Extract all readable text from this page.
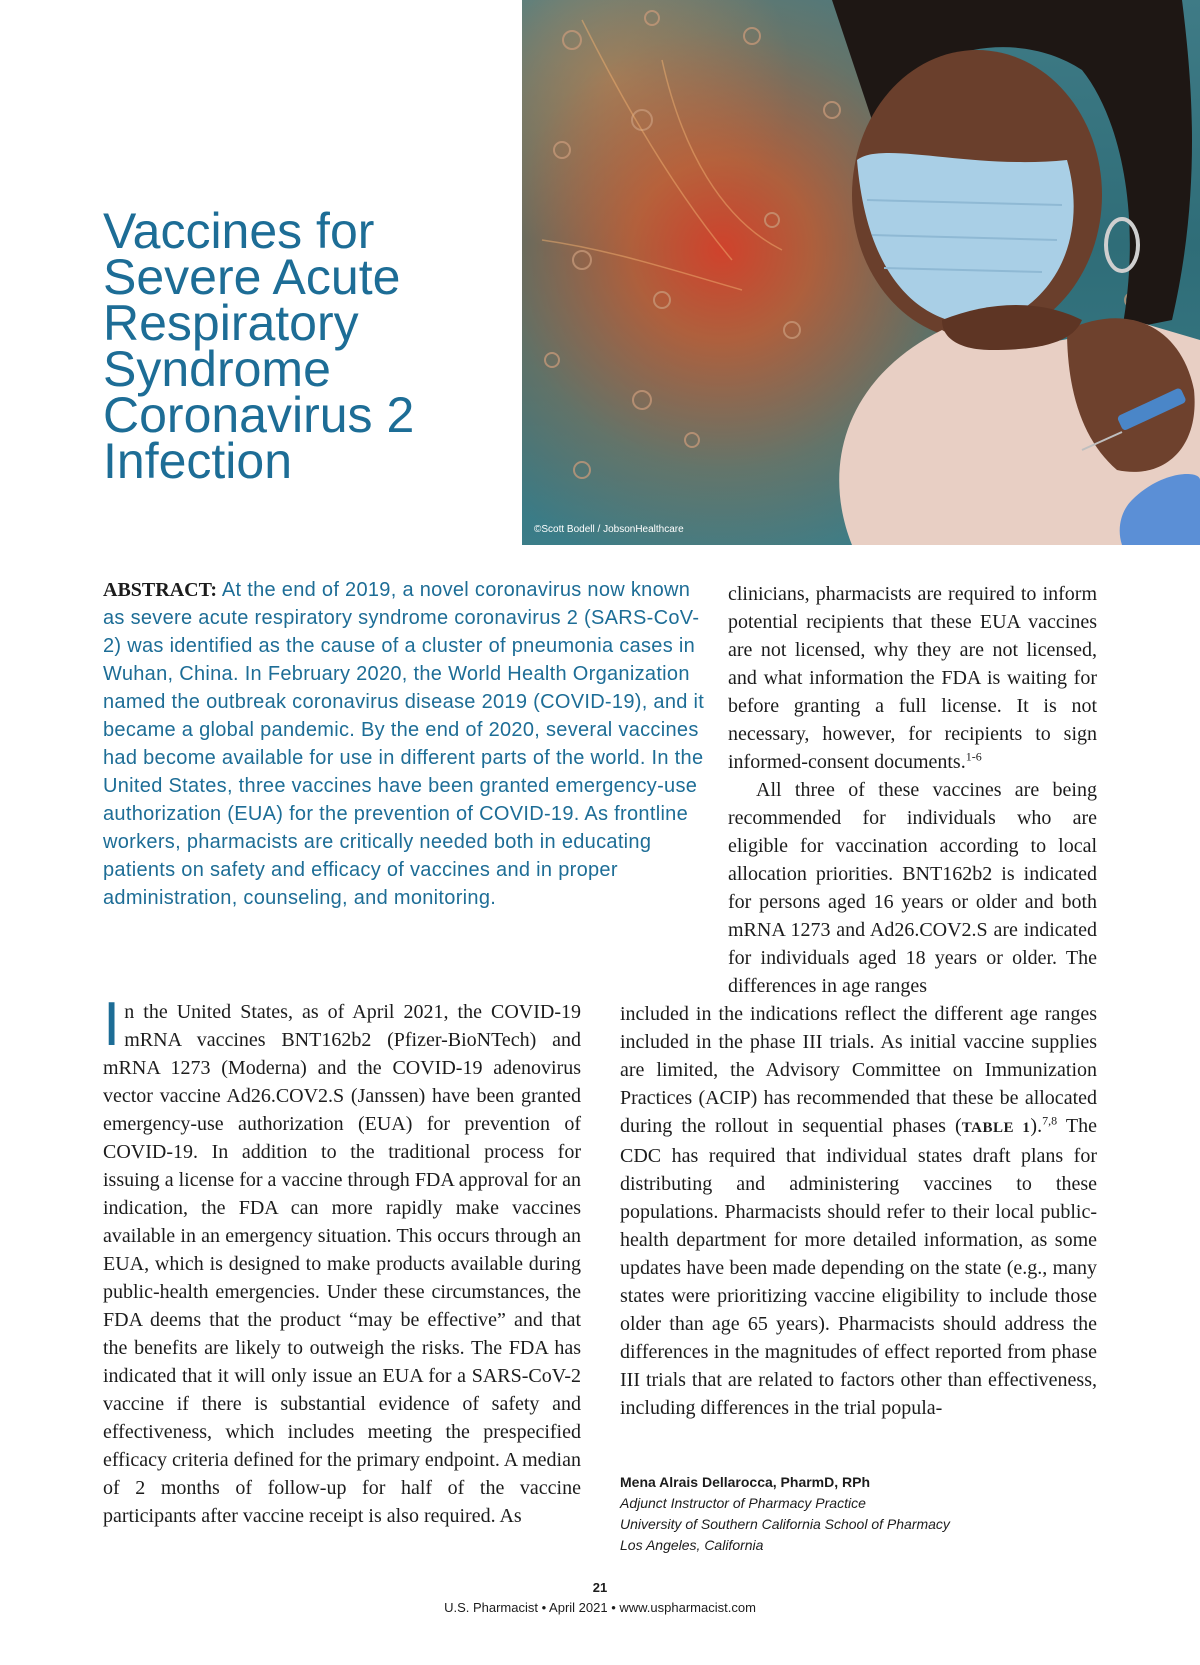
Vaccines for
Severe Acute
Respiratory
Syndrome
Coronavirus 2
Infection

©Scott Bodell / JobsonHealthcare

ABSTRACT: At the end of 2019, a novel coronavirus now known as severe acute respiratory syndrome coronavirus 2 (SARS-CoV-2) was identified as the cause of a cluster of pneumonia cases in Wuhan, China. In February 2020, the World Health Organization named the outbreak coronavirus disease 2019 (COVID-19), and it became a global pandemic. By the end of 2020, several vaccines had become available for use in different parts of the world. In the United States, three vaccines have been granted emergency-use authorization (EUA) for the prevention of COVID-19. As frontline workers, pharmacists are critically needed both in educating patients on safety and efficacy of vaccines and in proper administration, counseling, and monitoring.

clinicians, pharmacists are required to inform potential recipients that these EUA vaccines are not licensed, why they are not licensed, and what information the FDA is waiting for before granting a full license. It is not necessary, however, for recipients to sign informed-consent documents.$^{1-6}$

All three of these vaccines are being recommended for individuals who are eligible for vaccination according to local allocation priorities. BNT162b2 is indicated for persons aged 16 years or older and both mRNA 1273 and Ad26.COV2.S are indicated for individuals aged 18 years or older. The differences in age ranges

In the United States, as of April 2021, the COVID-19 mRNA vaccines BNT162b2 (Pfizer-BioNTech) and mRNA 1273 (Moderna) and the COVID-19 adenovirus vector vaccine Ad26.COV2.S (Janssen) have been granted emergency-use authorization (EUA) for prevention of COVID-19. In addition to the traditional process for issuing a license for a vaccine through FDA approval for an indication, the FDA can more rapidly make vaccines available in an emergency situation. This occurs through an EUA, which is designed to make products available during public-health emergencies. Under these circumstances, the FDA deems that the product “may be effective” and that the benefits are likely to outweigh the risks. The FDA has indicated that it will only issue an EUA for a SARS-CoV-2 vaccine if there is substantial evidence of safety and effectiveness, which includes meeting the prespecified efficacy criteria defined for the primary endpoint. A median of 2 months of follow-up for half of the vaccine participants after vaccine receipt is also required. As

included in the indications reflect the different age ranges included in the phase III trials. As initial vaccine supplies are limited, the Advisory Committee on Immunization Practices (ACIP) has recommended that these be allocated during the rollout in sequential phases (TABLE 1).$^{7,8}$ The CDC has required that individual states draft plans for distributing and administering vaccines to these populations. Pharmacists should refer to their local public-health department for more detailed information, as some updates have been made depending on the state (e.g., many states were prioritizing vaccine eligibility to include those older than age 65 years). Pharmacists should address the differences in the magnitudes of effect reported from phase III trials that are related to factors other than effectiveness, including differences in the trial popula-

Mena Alrais Dellarocca, PharmD, RPh

Adjunct Instructor of Pharmacy Practice

University of Southern California School of Pharmacy

Los Angeles, California

21

U.S. Pharmacist • April 2021 • www.uspharmacist.com
